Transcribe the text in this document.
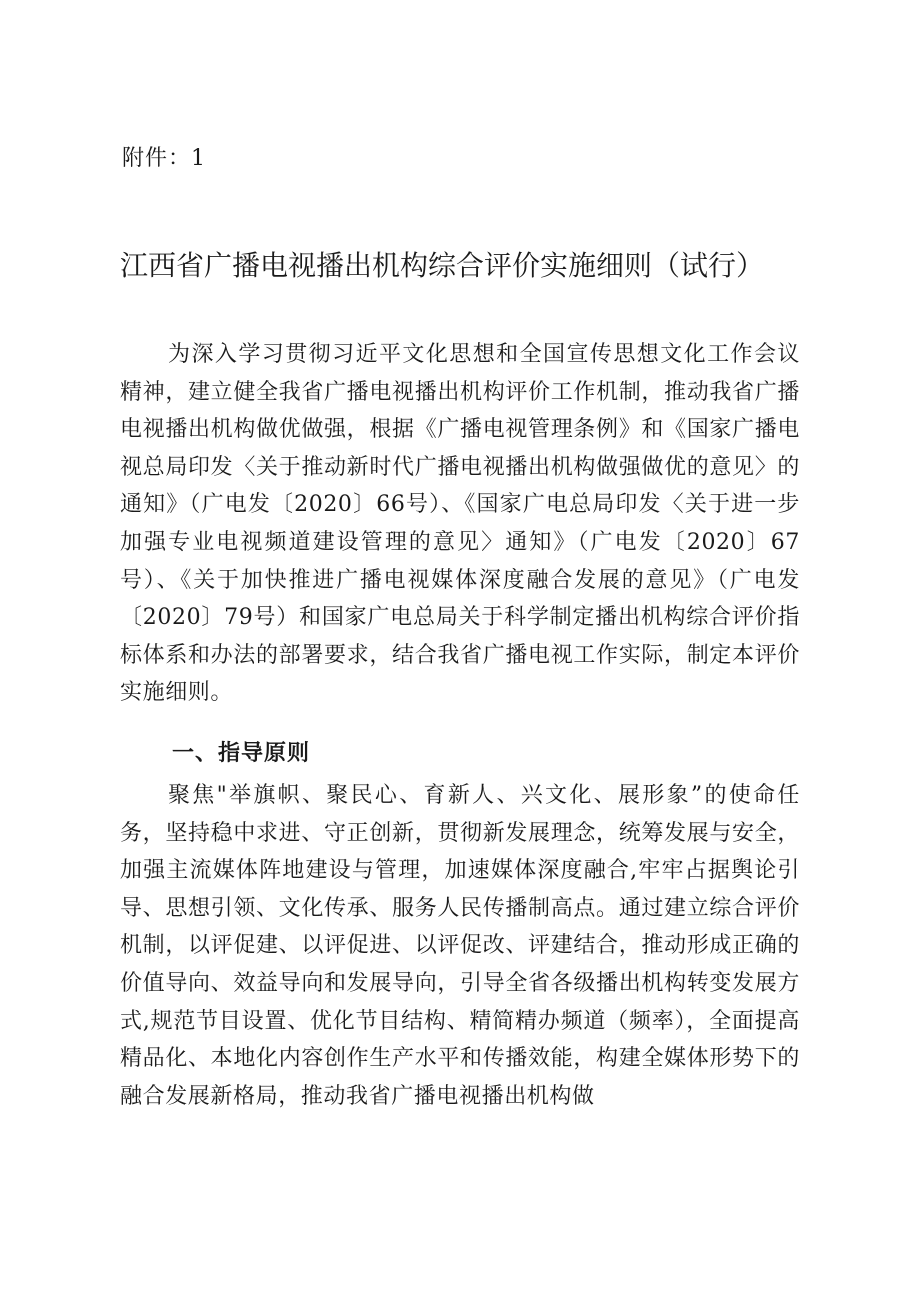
附件：1
江西省广播电视播出机构综合评价实施细则（试行）

为深入学习贯彻习近平文化思想和全国宣传思想文化工作会议精神，建立健全我省广播电视播出机构评价工作机制，推动我省广播电视播出机构做优做强，根据《广播电视管理条例》和《国家广播电视总局印发〈关于推动新时代广播电视播出机构做强做优的意见〉的通知》（广电发〔2020〕66号）、《国家广电总局印发〈关于进一步加强专业电视频道建设管理的意见〉通知》（广电发〔2020〕67号）、《关于加快推进广播电视媒体深度融合发展的意见》（广电发〔2020〕79号）和国家广电总局关于科学制定播出机构综合评价指标体系和办法的部署要求，结合我省广播电视工作实际，制定本评价实施细则。

一、指导原则

聚焦"举旗帜、聚民心、育新人、兴文化、展形象”的使命任务，坚持稳中求进、守正创新，贯彻新发展理念，统筹发展与安全，加强主流媒体阵地建设与管理，加速媒体深度融合,牢牢占据舆论引导、思想引领、文化传承、服务人民传播制高点。通过建立综合评价机制，以评促建、以评促进、以评促改、评建结合，推动形成正确的价值导向、效益导向和发展导向，引导全省各级播出机构转变发展方式,规范节目设置、优化节目结构、精简精办频道（频率），全面提高精品化、本地化内容创作生产水平和传播效能，构建全媒体形势下的融合发展新格局，推动我省广播电视播出机构做
